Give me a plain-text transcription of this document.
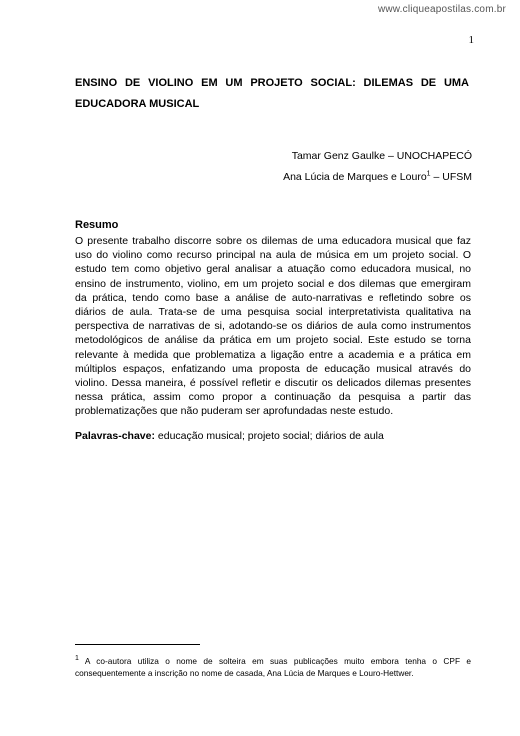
www.cliqueapostilas.com.br
1
ENSINO DE VIOLINO EM UM PROJETO SOCIAL: DILEMAS DE UMA EDUCADORA MUSICAL
Tamar Genz Gaulke – UNOCHAPECÓ
Ana Lúcia de Marques e Louro$^1$ – UFSM
Resumo

O presente trabalho discorre sobre os dilemas de uma educadora musical que faz uso do violino como recurso principal na aula de música em um projeto social. O estudo tem como objetivo geral analisar a atuação como educadora musical, no ensino de instrumento, violino, em um projeto social e dos dilemas que emergiram da prática, tendo como base a análise de auto-narrativas e refletindo sobre os diários de aula. Trata-se de uma pesquisa social interpretativista qualitativa na perspectiva de narrativas de si, adotando-se os diários de aula como instrumentos metodológicos de análise da prática em um projeto social. Este estudo se torna relevante à medida que problematiza a ligação entre a academia e a prática em múltiplos espaços, enfatizando uma proposta de educação musical através do violino. Dessa maneira, é possível refletir e discutir os delicados dilemas presentes nessa prática, assim como propor a continuação da pesquisa a partir das problematizações que não puderam ser aprofundadas neste estudo.

Palavras-chave: educação musical; projeto social; diários de aula

$^1$ A co-autora utiliza o nome de solteira em suas publicações muito embora tenha o CPF e consequentemente a inscrição no nome de casada, Ana Lúcia de Marques e Louro-Hettwer.
